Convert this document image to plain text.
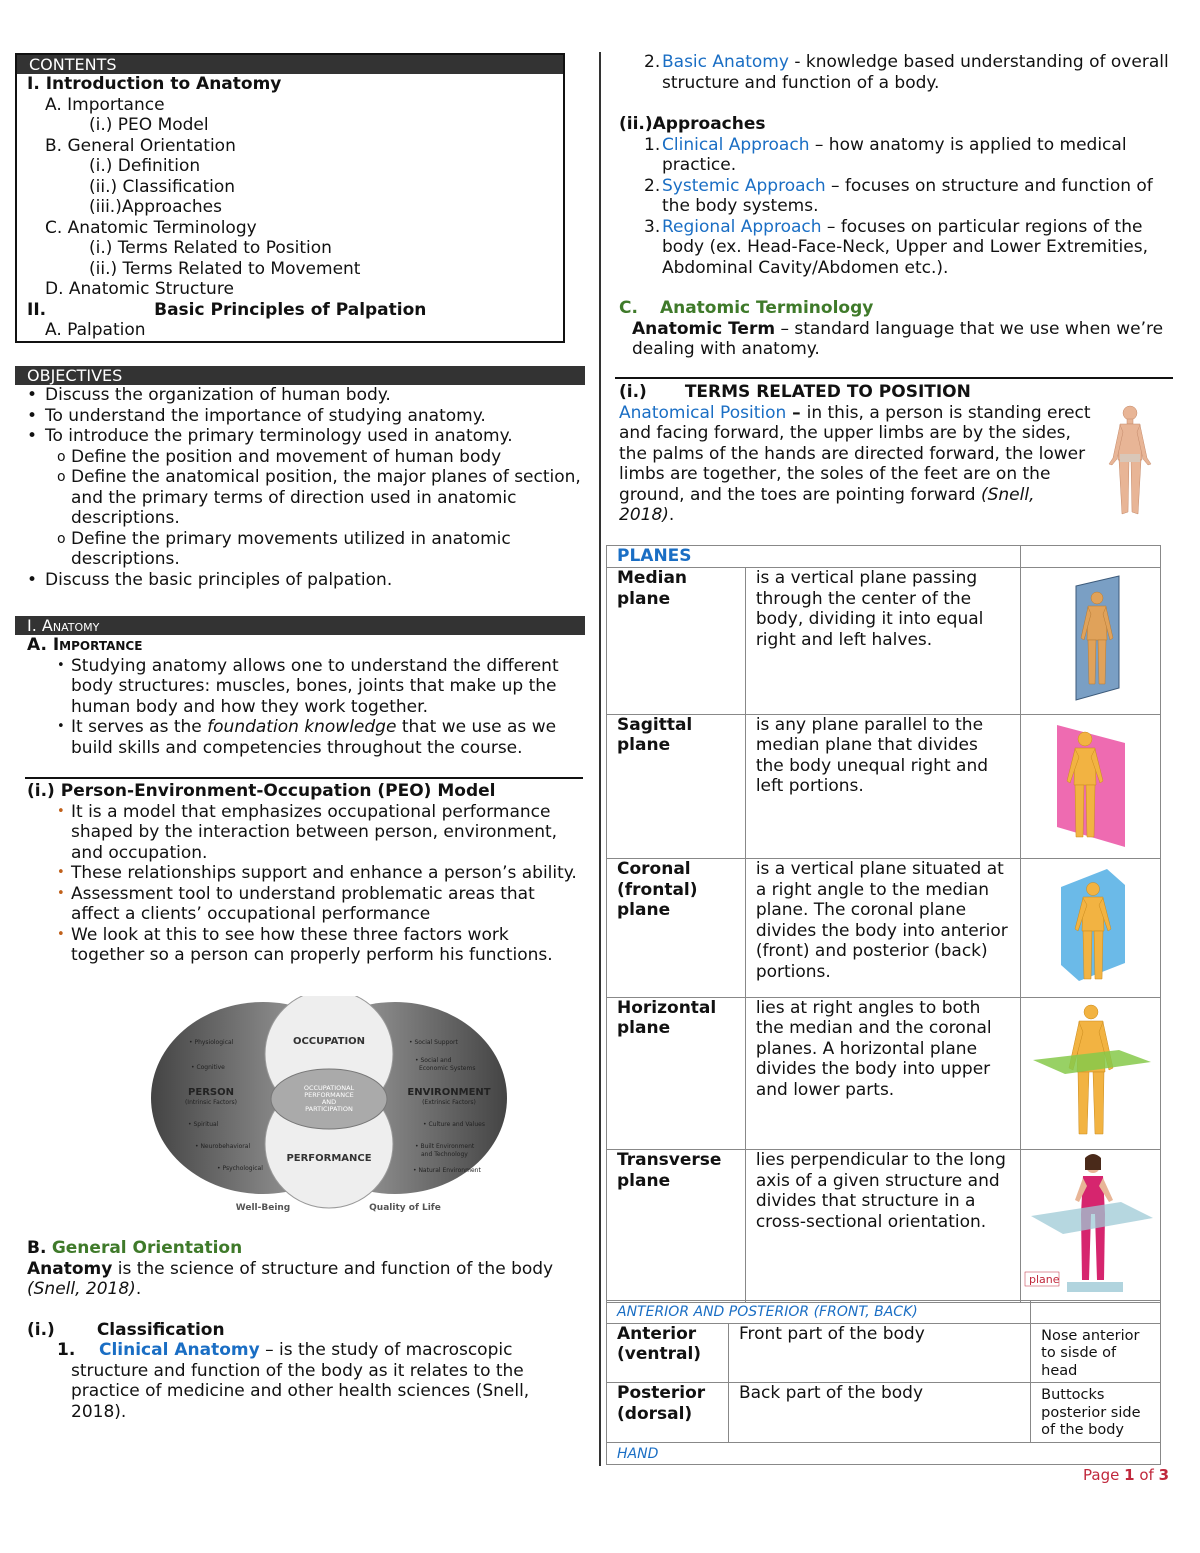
CONTENTS
I. Introduction to Anatomy
A. Importance
(i.) PEO Model
B. General Orientation
(i.) Definition
(ii.) Classification
(iii.)Approaches
C. Anatomic Terminology
(i.) Terms Related to Position
(ii.) Terms Related to Movement
D. Anatomic Structure
II.	Basic Principles of Palpation
A. Palpation
OBJECTIVES
• Discuss the organization of human body.
• To understand the importance of studying anatomy.
• To introduce the primary terminology used in anatomy.
o Define the position and movement of human body
o Define the anatomical position, the major planes of section, and the primary terms of direction used in anatomic descriptions.
o Define the primary movements utilized in anatomic descriptions.
• Discuss the basic principles of palpation.
I. Anatomy
A. Importance
• Studying anatomy allows one to understand the different body structures: muscles, bones, joints that make up the human body and how they work together.
• It serves as the foundation knowledge that we use as we build skills and competencies throughout the course.
(i.) Person-Environment-Occupation (PEO) Model
• It is a model that emphasizes occupational performance shaped by the interaction between person, environment, and occupation.
• These relationships support and enhance a person’s ability.
• Assessment tool to understand problematic areas that affect a clients’ occupational performance
• We look at this to see how these three factors work together so a person can properly perform his functions.
OCCUPATION
PERFORMANCE
PERSON
(Intrinsic Factors)
ENVIRONMENT
(Extrinsic Factors)
OCCUPATIONAL
PERFORMANCE
AND
PARTICIPATION
• Physiological
• Cognitive
• Spiritual
• Neurobehavioral
• Psychological
• Social Support
• Social and
Economic Systems
• Culture and Values
• Built Environment
and Technology
• Natural Environment
Well-Being	Quality of Life
B. General Orientation
Anatomy is the science of structure and function of the body (Snell, 2018).
(i.) Classification
1. Clinical Anatomy – is the study of macroscopic structure and function of the body as it relates to the practice of medicine and other health sciences (Snell, 2018).
2. Basic Anatomy - knowledge based understanding of overall structure and function of a body.
(ii.)Approaches
1. Clinical Approach – how anatomy is applied to medical practice.
2. Systemic Approach – focuses on structure and function of the body systems.
3. Regional Approach – focuses on particular regions of the body (ex. Head-Face-Neck, Upper and Lower Extremities, Abdominal Cavity/Abdomen etc.).
C. Anatomic Terminology
Anatomic Term – standard language that we use when we’re dealing with anatomy.
(i.) TERMS RELATED TO POSITION
Anatomical Position – in this, a person is standing erect and facing forward, the upper limbs are by the sides, the palms of the hands are directed forward, the lower limbs are together, the soles of the feet are on the ground, and the toes are pointing forward (Snell, 2018).
PLANES		
Median plane	is a vertical plane passing through the center of the body, dividing it into equal right and left halves.	
Sagittal plane	is any plane parallel to the median plane that divides the body unequal right and left portions.	
Coronal (frontal) plane	is a vertical plane situated at a right angle to the median plane. The coronal plane divides the body into anterior (front) and posterior (back) portions.	
Horizontal plane	lies at right angles to both the median and the coronal planes. A horizontal plane divides the body into upper and lower parts.	
Transverse plane	lies perpendicular to the long axis of a given structure and divides that structure in a cross-sectional orientation.	plane
ANTERIOR AND POSTERIOR (FRONT, BACK)		
Anterior (ventral)	Front part of the body	Nose anterior to sisde of head
Posterior (dorsal)	Back part of the body	Buttocks posterior side of the body
HAND		
Page 1 of 3
